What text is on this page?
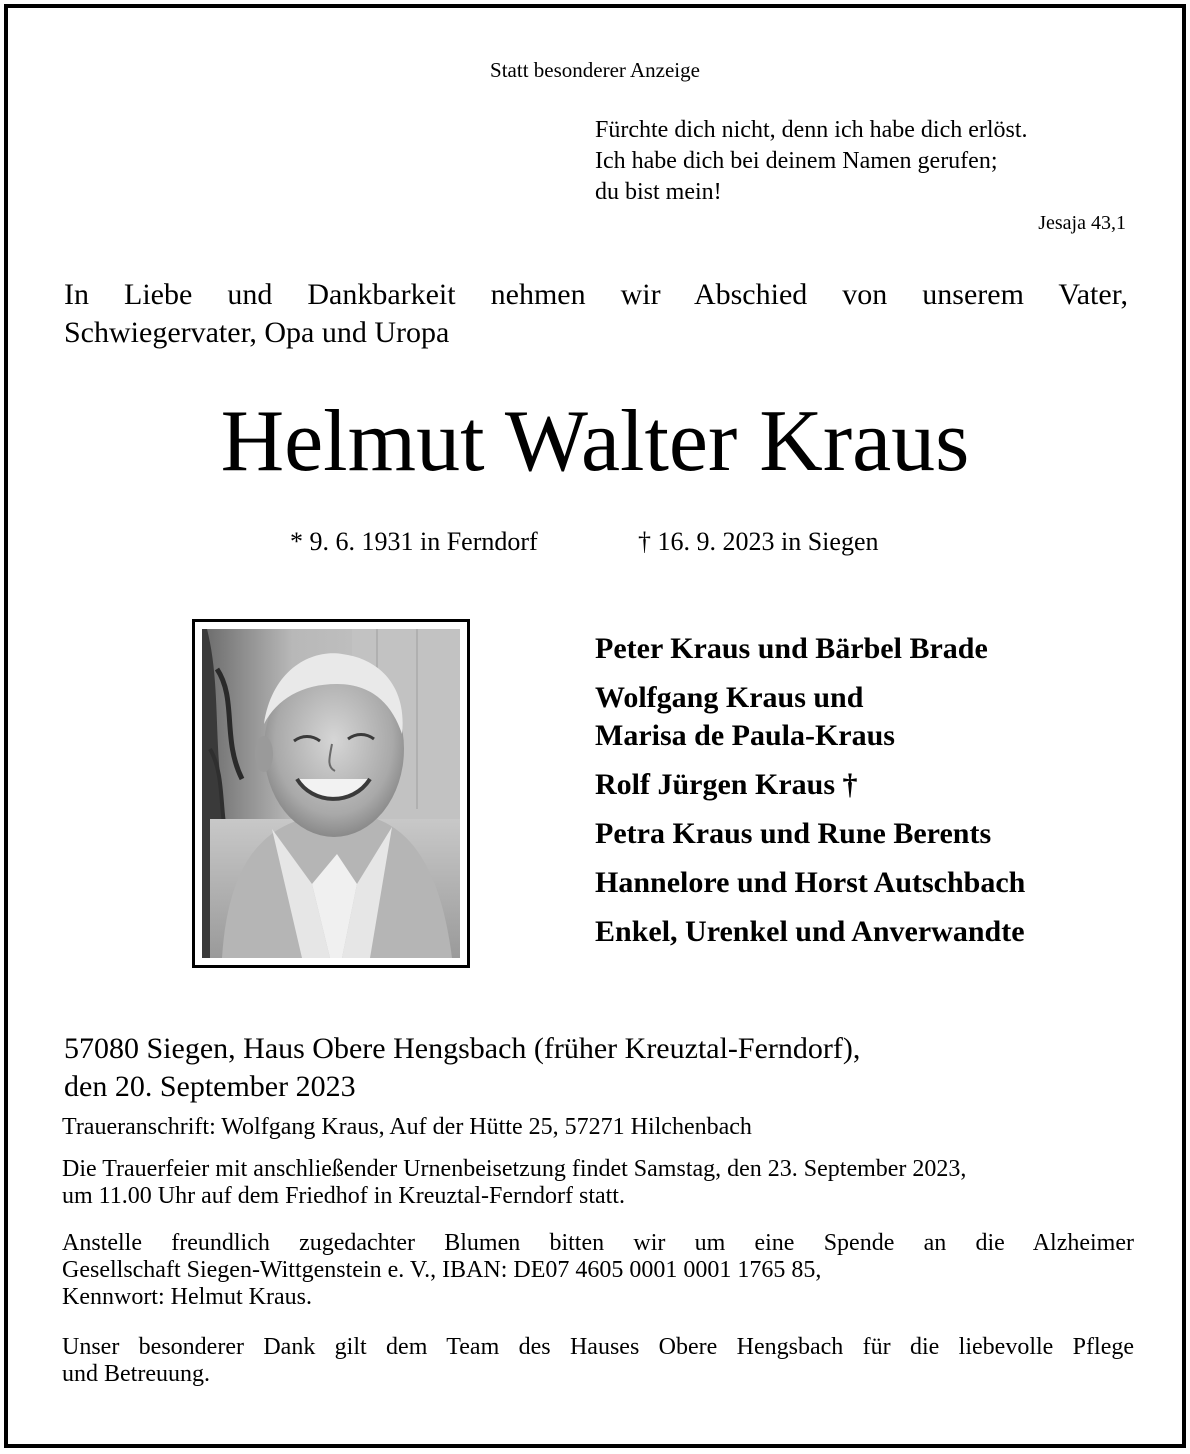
Statt besonderer Anzeige
Fürchte dich nicht, denn ich habe dich erlöst.
Ich habe dich bei deinem Namen gerufen;
du bist mein!
Jesaja 43,1
In Liebe und Dankbarkeit nehmen wir Abschied von unserem Vater,
Schwiegervater, Opa und Uropa
Helmut Walter Kraus
* 9. 6. 1931 in Ferndorf	† 16. 9. 2023 in Siegen
Peter Kraus und Bärbel Brade
Wolfgang Kraus und
Marisa de Paula-Kraus
Rolf Jürgen Kraus †
Petra Kraus und Rune Berents
Hannelore und Horst Autschbach
Enkel, Urenkel und Anverwandte
57080 Siegen, Haus Obere Hengsbach (früher Kreuztal-Ferndorf),
den 20. September 2023
Traueranschrift: Wolfgang Kraus, Auf der Hütte 25, 57271 Hilchenbach
Die Trauerfeier mit anschließender Urnenbeisetzung findet Samstag, den 23. September 2023,
um 11.00 Uhr auf dem Friedhof in Kreuztal-Ferndorf statt.
Anstelle freundlich zugedachter Blumen bitten wir um eine Spende an die Alzheimer
Gesellschaft Siegen-Wittgenstein e. V., IBAN: DE07 4605 0001 0001 1765 85,
Kennwort: Helmut Kraus.
Unser besonderer Dank gilt dem Team des Hauses Obere Hengsbach für die liebevolle Pflege
und Betreuung.
